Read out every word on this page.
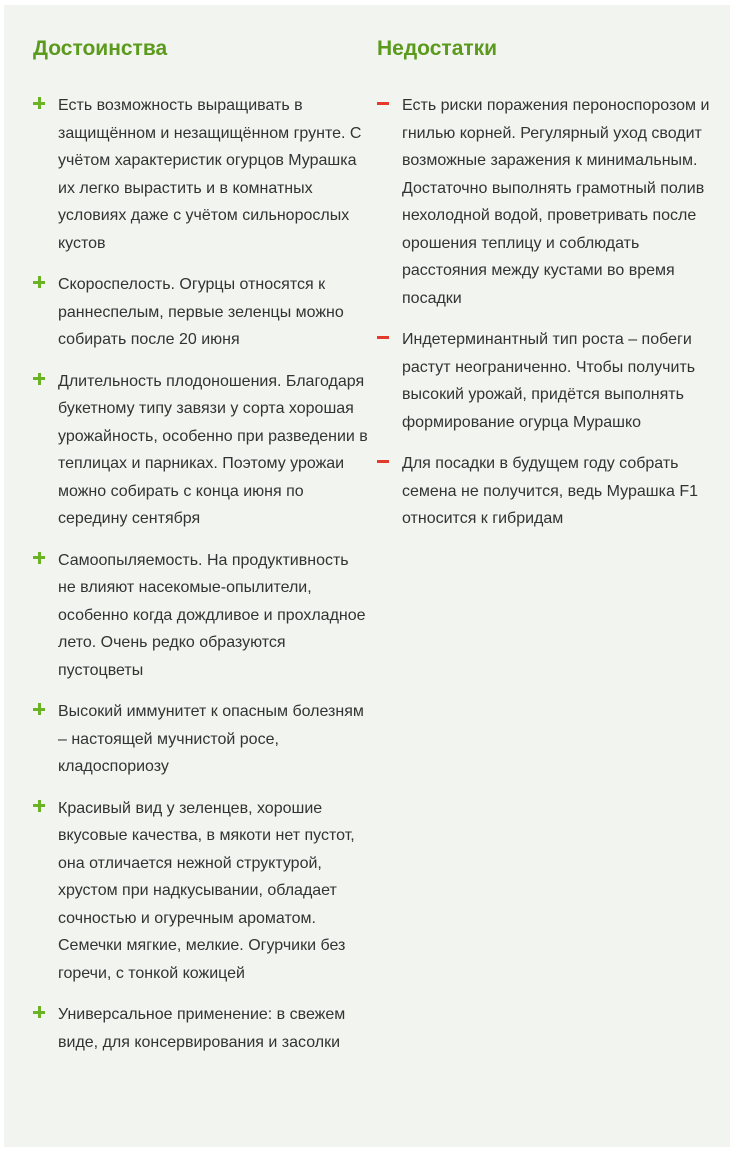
Достоинства
Есть возможность выращивать в защищённом и незащищённом грунте. С учётом характеристик огурцов Мурашка их легко вырастить и в комнатных условиях даже с учётом сильнорослых кустов
Скороспелость. Огурцы относятся к раннеспелым, первые зеленцы можно собирать после 20 июня
Длительность плодоношения. Благодаря букетному типу завязи у сорта хорошая урожайность, особенно при разведении в теплицах и парниках. Поэтому урожаи можно собирать с конца июня по середину сентября
Самоопыляемость. На продуктивность не влияют насекомые-опылители, особенно когда дождливое и прохладное лето. Очень редко образуются пустоцветы
Высокий иммунитет к опасным болезням – настоящей мучнистой росе, кладоспориозу
Красивый вид у зеленцев, хорошие вкусовые качества, в мякоти нет пустот, она отличается нежной структурой, хрустом при надкусывании, обладает сочностью и огуречным ароматом. Семечки мягкие, мелкие. Огурчики без горечи, с тонкой кожицей
Универсальное применение: в свежем виде, для консервирования и засолки
Недостатки
Есть риски поражения пероноспорозом и гнилью корней. Регулярный уход сводит возможные заражения к минимальным. Достаточно выполнять грамотный полив нехолодной водой, проветривать после орошения теплицу и соблюдать расстояния между кустами во время посадки
Индетерминантный тип роста – побеги растут неограниченно. Чтобы получить высокий урожай, придётся выполнять формирование огурца Мурашко
Для посадки в будущем году собрать семена не получится, ведь Мурашка F1 относится к гибридам
